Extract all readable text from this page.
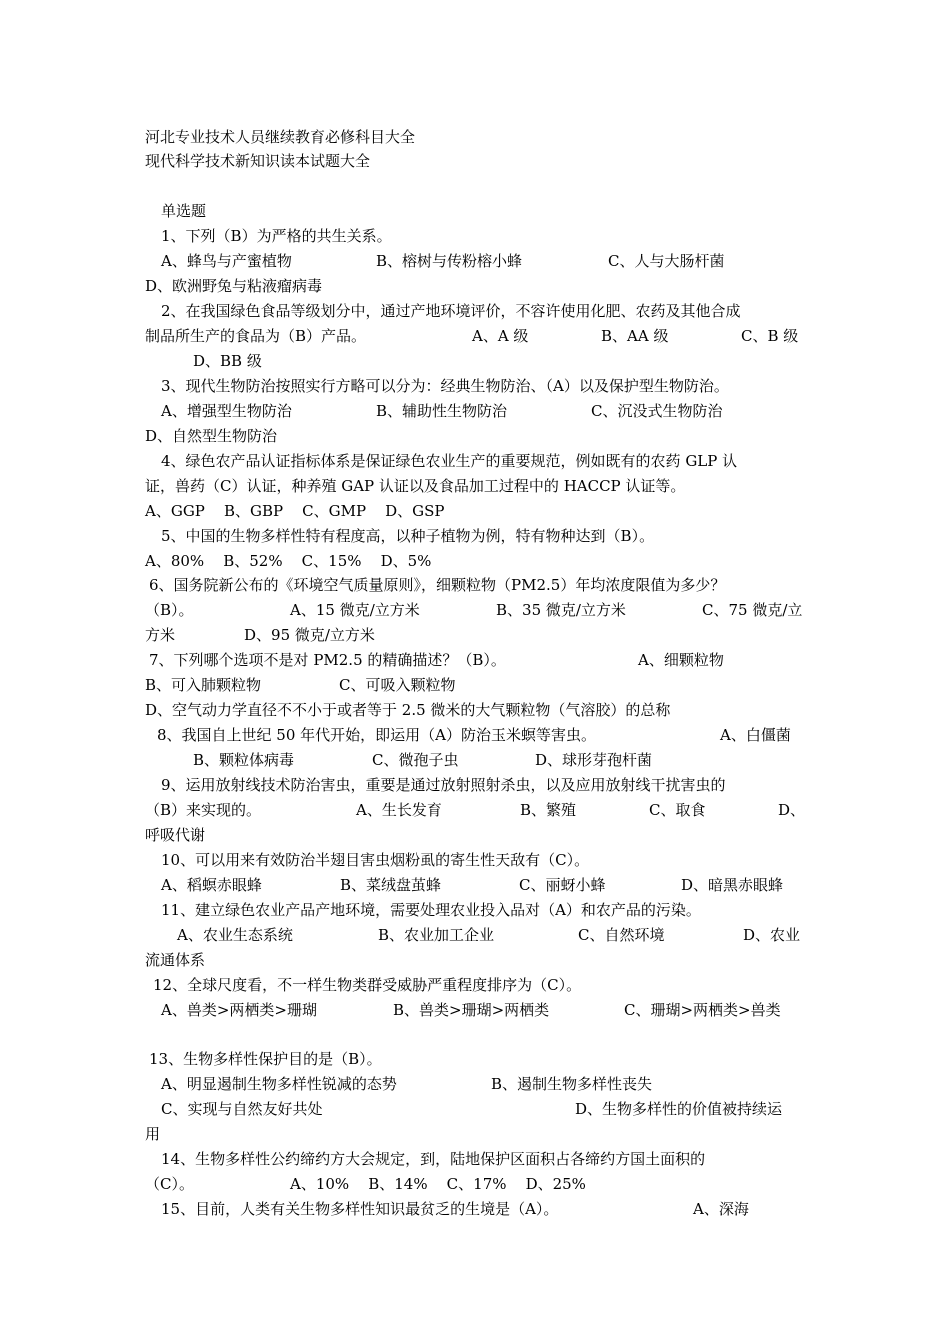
河北专业技术人员继续教育必修科目大全
现代科学技术新知识读本试题大全
单选题
1、下列（B）为严格的共生关系。
A、蜂鸟与产蜜植物	B、榕树与传粉榕小蜂	C、人与大肠杆菌
D、欧洲野兔与粘液瘤病毒
2、在我国绿色食品等级划分中，通过产地环境评价，不容许使用化肥、农药及其他合成
制品所生产的食品为（B）产品。	A、A 级	B、AA 级	C、B 级
D、BB 级
3、现代生物防治按照实行方略可以分为：经典生物防治、（A）以及保护型生物防治。
A、增强型生物防治	B、辅助性生物防治	C、沉没式生物防治
D、自然型生物防治
4、绿色农产品认证指标体系是保证绿色农业生产的重要规范，例如既有的农药 GLP 认
证，兽药（C）认证，种养殖 GAP 认证以及食品加工过程中的 HACCP 认证等。
A、GGP    B、GBP    C、GMP    D、GSP
5、中国的生物多样性特有程度高，以种子植物为例，特有物种达到（B）。
A、80%    B、52%    C、15%    D、5%
6、国务院新公布的《环境空气质量原则》，细颗粒物（PM2.5）年均浓度限值为多少？
（B）。	A、15 微克/立方米	B、35 微克/立方米	C、75 微克/立
方米	D、95 微克/立方米
7、下列哪个选项不是对 PM2.5 的精确描述？（B）。	A、细颗粒物
B、可入肺颗粒物	C、可吸入颗粒物
D、空气动力学直径不不小于或者等于 2.5 微米的大气颗粒物（气溶胶）的总称
8、我国自上世纪 50 年代开始，即运用（A）防治玉米螟等害虫。	A、白僵菌
B、颗粒体病毒	C、微孢子虫	D、球形芽孢杆菌
9、运用放射线技术防治害虫，重要是通过放射照射杀虫，以及应用放射线干扰害虫的
（B）来实现的。	A、生长发育	B、繁殖	C、取食	D、
呼吸代谢
10、可以用来有效防治半翅目害虫烟粉虱的寄生性天敌有（C）。
A、稻螟赤眼蜂	B、菜绒盘茧蜂	C、丽蚜小蜂	D、暗黑赤眼蜂
11、建立绿色农业产品产地环境，需要处理农业投入品对（A）和农产品的污染。
A、农业生态系统	B、农业加工企业	C、自然环境	D、农业
流通体系
12、全球尺度看，不一样生物类群受威胁严重程度排序为（C）。
A、兽类>两栖类>珊瑚	B、兽类>珊瑚>两栖类	C、珊瑚>两栖类>兽类
13、生物多样性保护目的是（B）。
A、明显遏制生物多样性锐减的态势	B、遏制生物多样性丧失
C、实现与自然友好共处	D、生物多样性的价值被持续运
用
14、生物多样性公约缔约方大会规定，到，陆地保护区面积占各缔约方国土面积的
（C）。	A、10%    B、14%    C、17%    D、25%
15、目前，人类有关生物多样性知识最贫乏的生境是（A）。	A、深海
